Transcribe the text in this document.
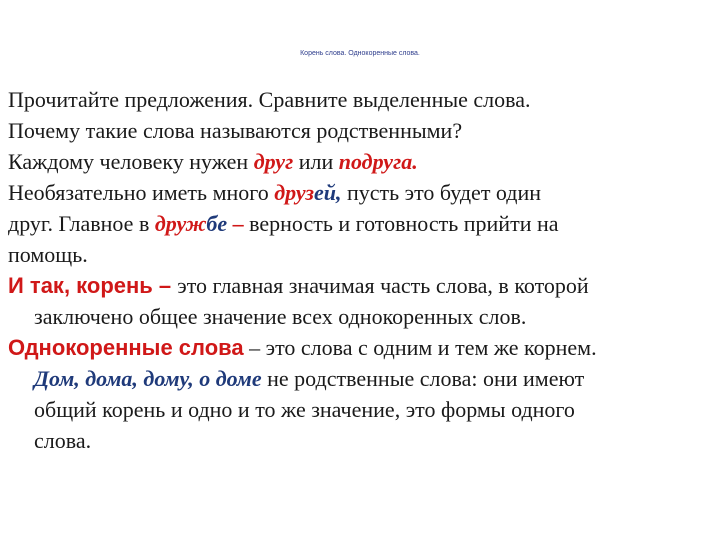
Корень слова. Однокоренные слова.
Прочитайте предложения. Сравните выделенные слова.
Почему такие слова называются родственными?
Каждому человеку нужен друг или подруга.
Необязательно иметь много друзей, пусть это будет один
друг. Главное в дружбе – верность и готовность прийти на
помощь.
И так, корень – это главная значимая часть слова, в которой
заключено общее значение всех однокоренных слов.
Однокоренные слова – это слова с одним и тем же корнем.
Дом, дома, дому, о доме не родственные слова: они имеют
общий корень и одно и то же значение, это формы одного
слова.
